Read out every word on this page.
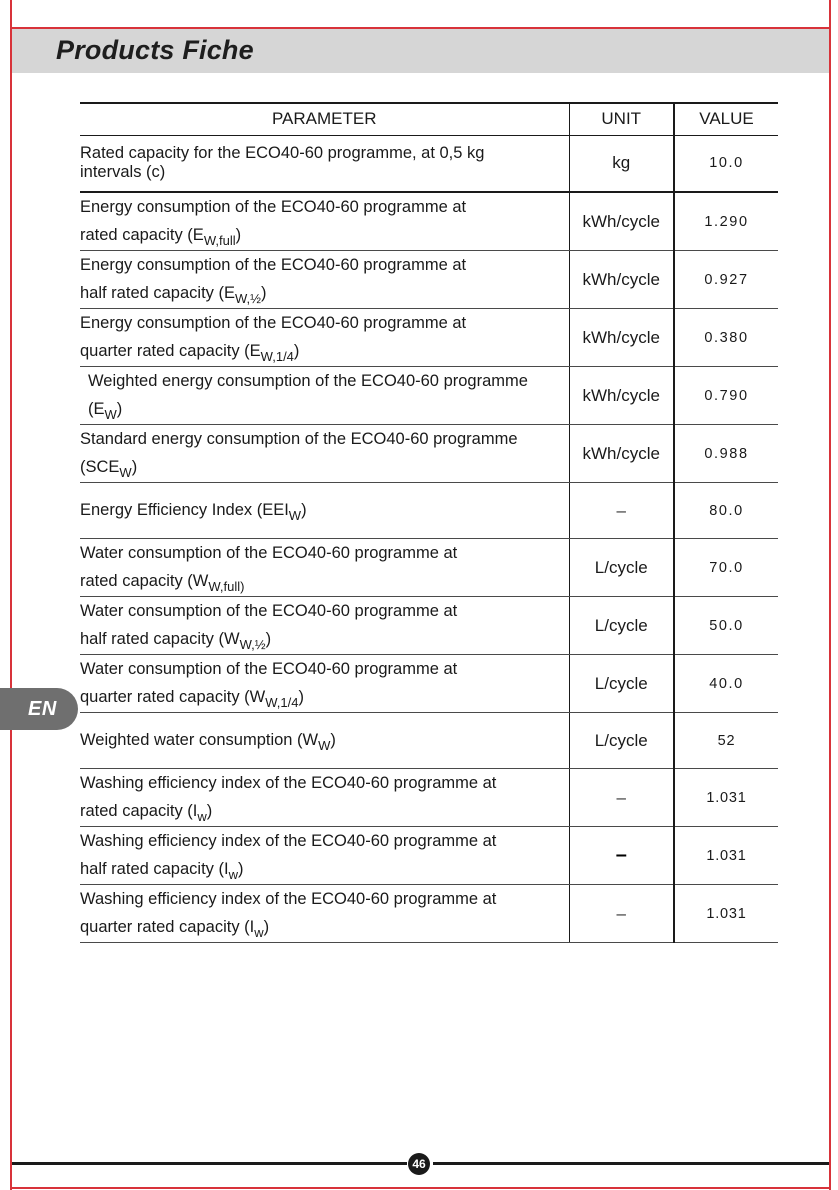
Products Fiche
EN
PARAMETER	UNIT	VALUE
Rated capacity for the ECO40-60 programme, at 0,5 kg
intervals (c)	kg	10.0
Energy consumption of the ECO40-60 programme at
rated capacity $(E_{W,full})$	kWh/cycle	1.290
Energy consumption of the ECO40-60 programme at
half rated capacity $(E_{W,\frac{1}{2}})$	kWh/cycle	0.927
Energy consumption of the ECO40-60 programme at
quarter rated capacity $(E_{W,1/4})$	kWh/cycle	0.380
Weighted energy consumption of the ECO40-60 programme
$(E_W)$	kWh/cycle	0.790
Standard energy consumption of the ECO40-60 programme
$(SCE_W)$	kWh/cycle	0.988
Energy Efficiency Index $(EEI_W)$	–	80.0
Water consumption of the ECO40-60 programme at
rated capacity ($W_{W,full)}$	L/cycle	70.0
Water consumption of the ECO40-60 programme at
half rated capacity $(W_{W,\frac{1}{2}})$	L/cycle	50.0
Water consumption of the ECO40-60 programme at
quarter rated capacity $(W_{W,1/4})$	L/cycle	40.0
Weighted water consumption $(W_W)$	L/cycle	52
Washing efficiency index of the ECO40-60 programme at
rated capacity $(I_w)$	–	1.031
Washing efficiency index of the ECO40-60 programme at
half rated capacity $(I_w)$	–	1.031
Washing efficiency index of the ECO40-60 programme at
quarter rated capacity $(I_w)$	–	1.031
46
